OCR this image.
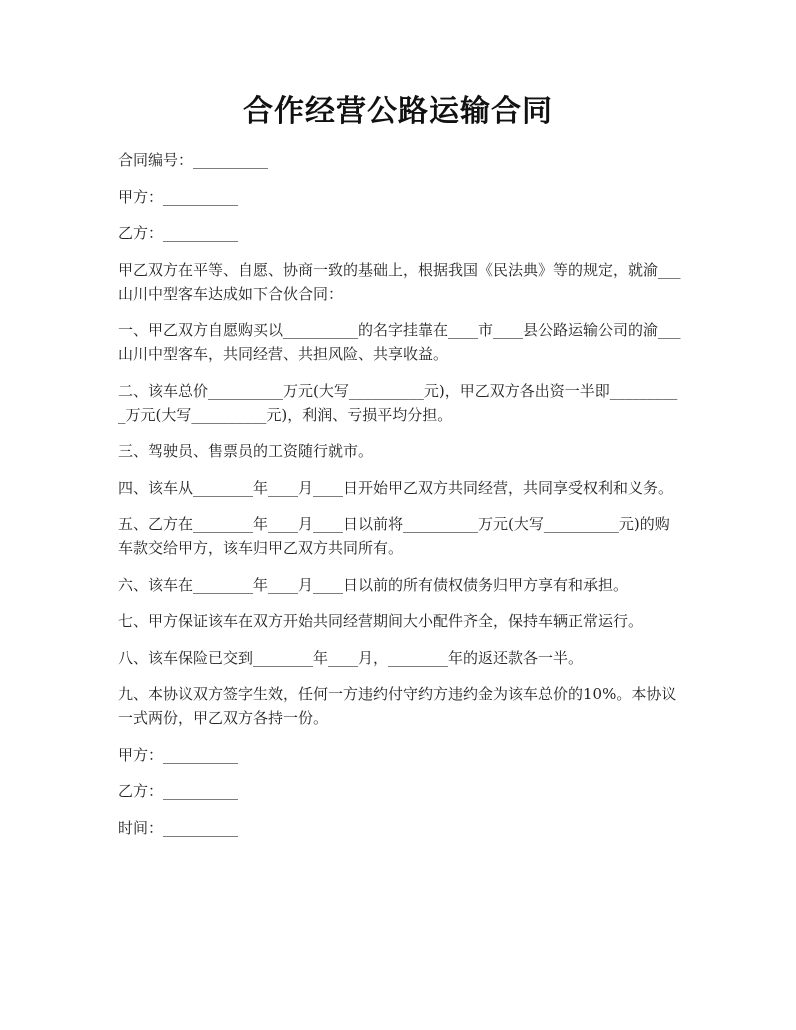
合作经营公路运输合同

合同编号：__________

甲方：__________

乙方：__________

甲乙双方在平等、自愿、协商一致的基础上，根据我国《民法典》等的规定，就渝___山川中型客车达成如下合伙合同：

一、甲乙双方自愿购买以__________的名字挂靠在____市____县公路运输公司的渝___山川中型客车，共同经营、共担风险、共享收益。

二、该车总价__________万元(大写__________元)，甲乙双方各出资一半即__________万元(大写__________元)，利润、亏损平均分担。

三、驾驶员、售票员的工资随行就市。

四、该车从________年____月____日开始甲乙双方共同经营，共同享受权利和义务。

五、乙方在________年____月____日以前将__________万元(大写__________元)的购车款交给甲方，该车归甲乙双方共同所有。

六、该车在________年____月____日以前的所有债权债务归甲方享有和承担。

七、甲方保证该车在双方开始共同经营期间大小配件齐全，保持车辆正常运行。

八、该车保险已交到________年____月，________年的返还款各一半。

九、本协议双方签字生效，任何一方违约付守约方违约金为该车总价的10%。本协议一式两份，甲乙双方各持一份。

甲方：__________

乙方：__________

时间：__________
